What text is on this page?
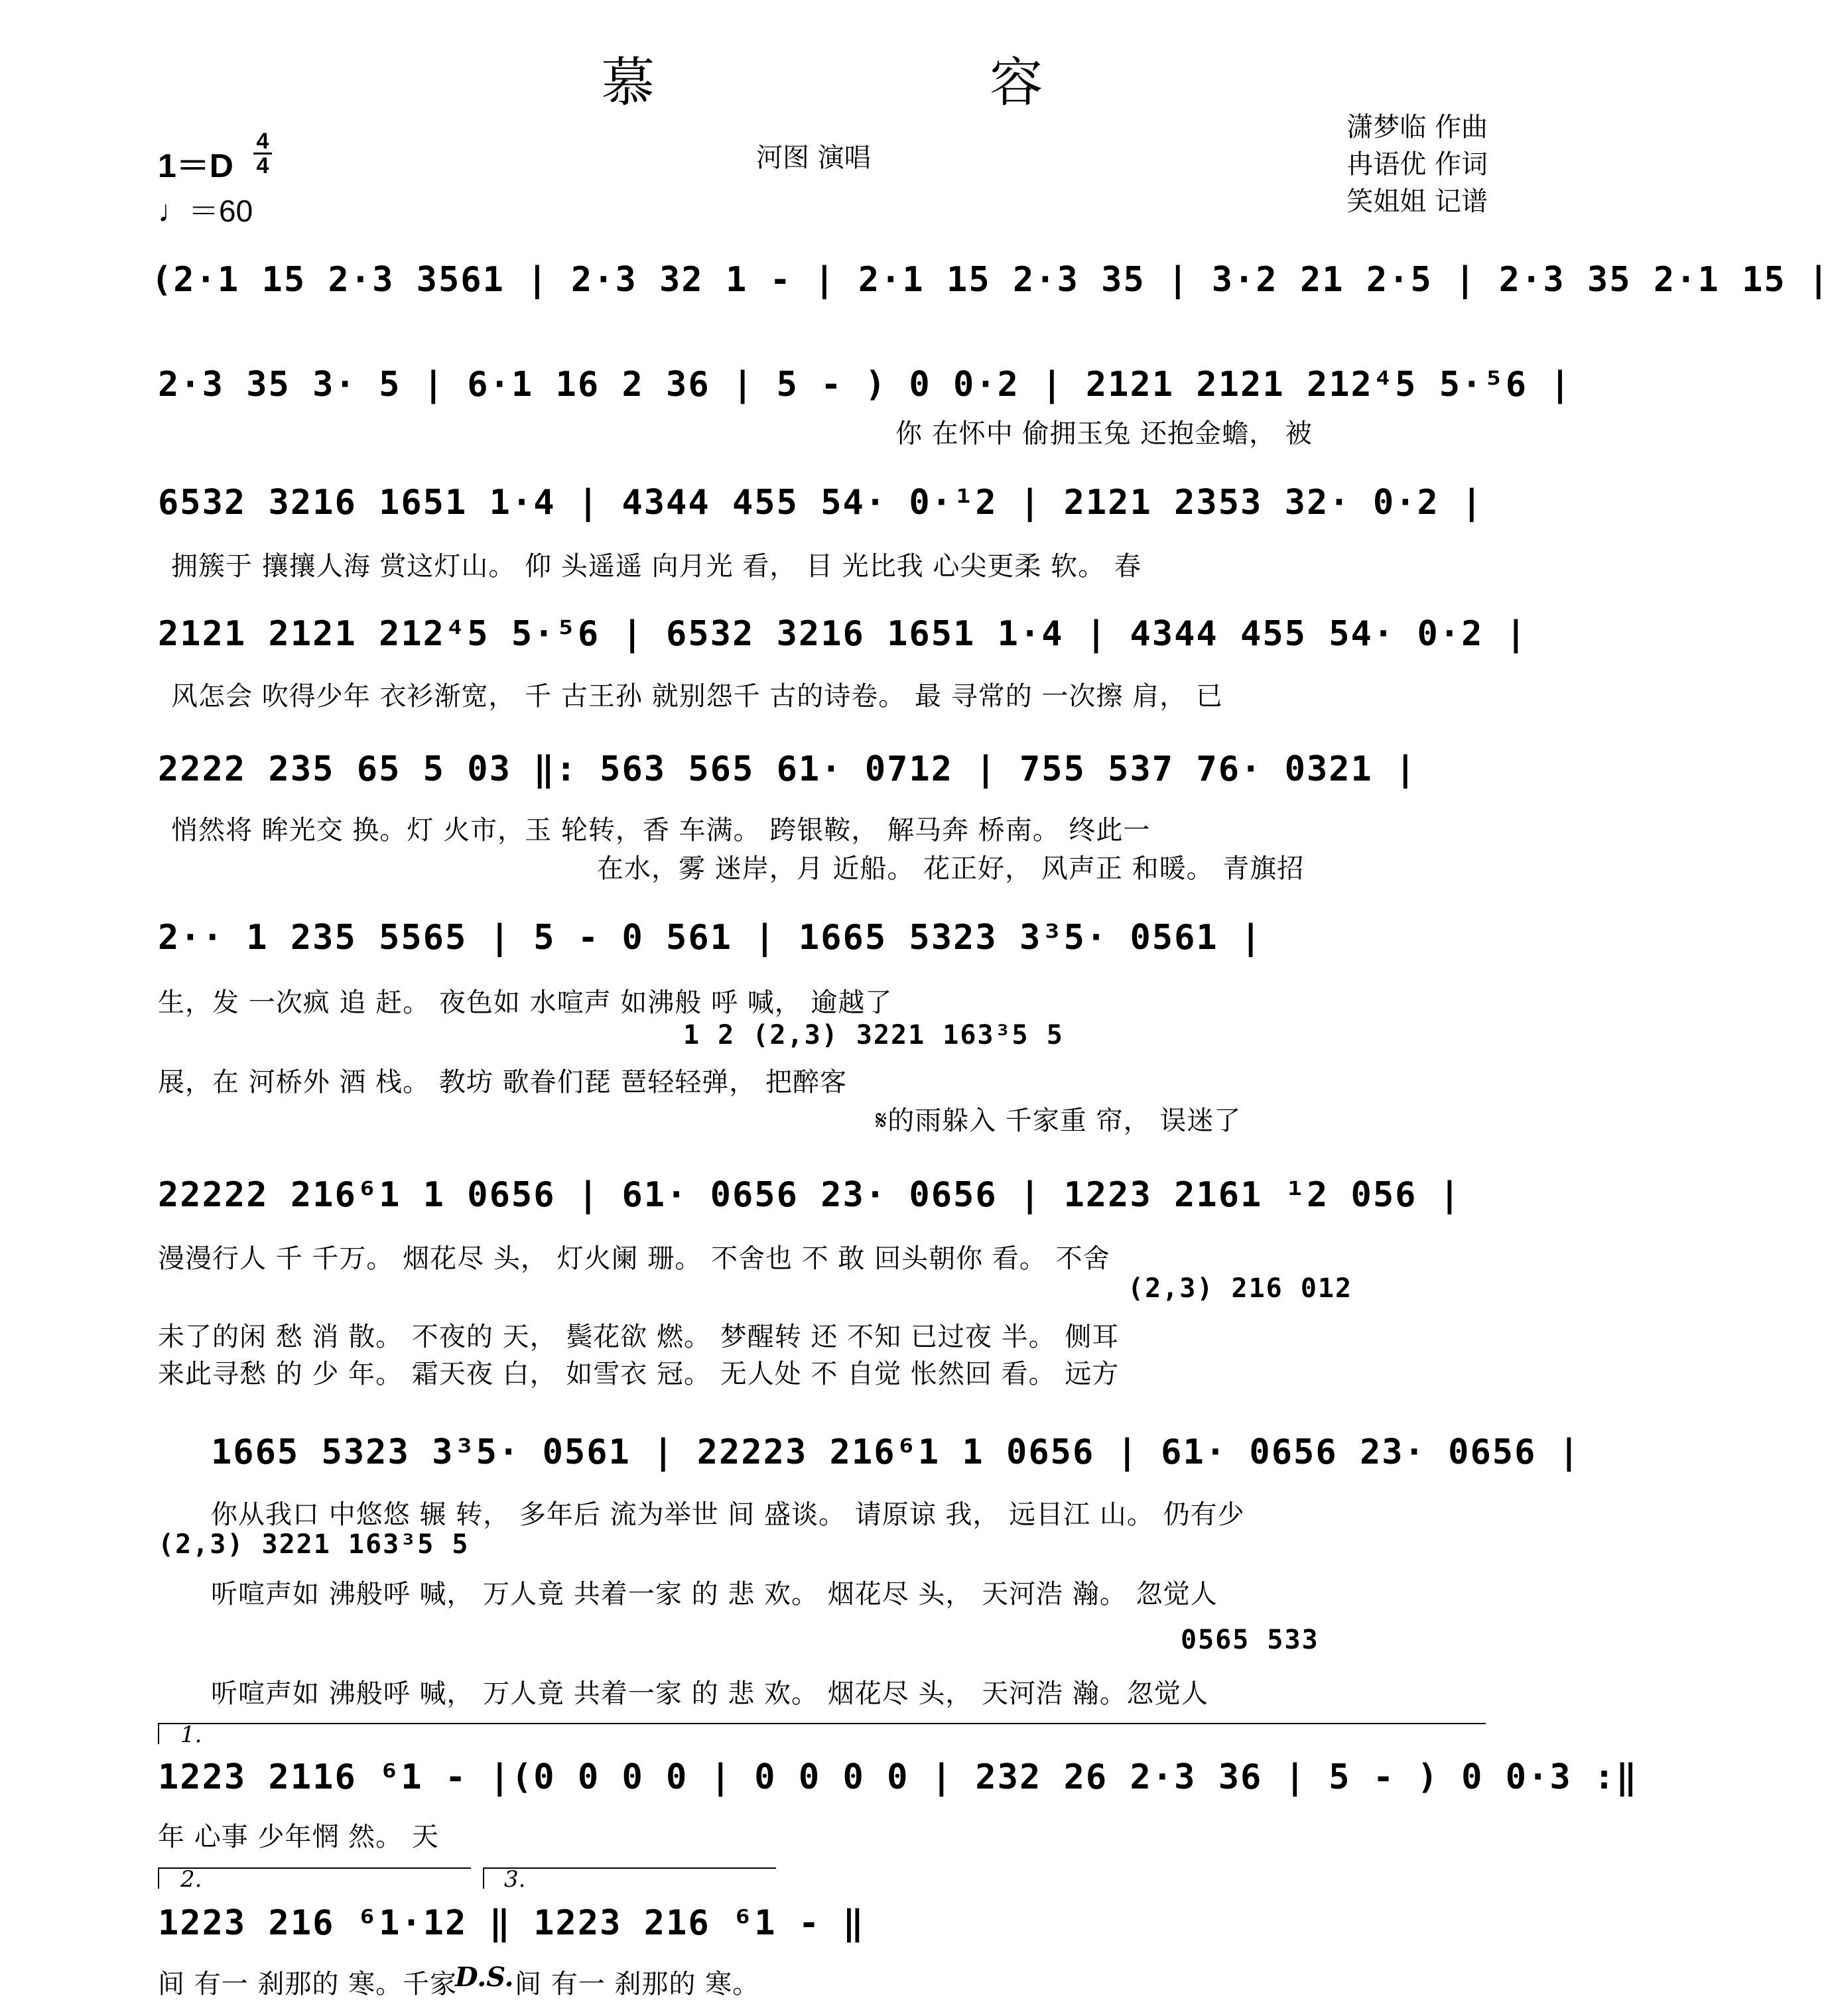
慕 容
1＝D
4
4
♩＝60
河图 演唱
潇梦临 作曲
冉语优 作词
笑姐姐 记谱
(2·1 15 2·3 3561 | 2·3 32 1 - | 2·1 15 2·3 35 | 3·2 21 2·5 | 2·3 35 2·1 15 |
2·3 35 3· 5 | 6·1 16 2 36 | 5 - ) 0 0·2 | 2121 2121 212⁴5 5·⁵6 |
你 在怀中 偷拥玉兔 还抱金蟾， 被
6532 3216 1651 1·4 | 4344 455 54· 0·¹2 | 2121 2353 32· 0·2 |
拥簇于 攘攘人海 赏这灯山。 仰 头遥遥 向月光 看， 目 光比我 心尖更柔 软。 春
2121 2121 212⁴5 5·⁵6 | 6532 3216 1651 1·4 | 4344 455 54· 0·2 |
风怎会 吹得少年 衣衫渐宽， 千 古王孙 就别怨千 古的诗卷。 最 寻常的 一次擦 肩， 已
2222 235 65 5 03 ‖: 563 565 61· 0712 | 755 537 76· 0321 |
悄然将 眸光交 换。灯 火市，玉 轮转，香 车满。 跨银鞍， 解马奔 桥南。 终此一
在水，雾 迷岸，月 近船。 花正好， 风声正 和暖。 青旗招
2·· 1 235 5565 | 5 - 0 561 | 1665 5323 3³5· 0561 |
生，发 一次疯 追 赶。 夜色如 水喧声 如沸般 呼 喊， 逾越了
1 2 (2,3) 3221 163³5 5
展，在 河桥外 酒 栈。 教坊 歌眷们琵 琶轻轻弹， 把醉客
𝄋的雨躲入 千家重 帘， 误迷了
22222 216⁶1 1 0656 | 61· 0656 23· 0656 | 1223 2161 ¹2 056 |
漫漫行人 千 千万。 烟花尽 头， 灯火阑 珊。 不舍也 不 敢 回头朝你 看。 不舍
(2,3) 216 012
未了的闲 愁 消 散。 不夜的 天， 鬓花欲 燃。 梦醒转 还 不知 已过夜 半。 侧耳
来此寻愁 的 少 年。 霜天夜 白， 如雪衣 冠。 无人处 不 自觉 怅然回 看。 远方
1665 5323 3³5· 0561 | 22223 216⁶1 1 0656 | 61· 0656 23· 0656 |
你从我口 中悠悠 辗 转， 多年后 流为举世 间 盛谈。 请原谅 我， 远目江 山。 仍有少
(2,3) 3221 163³5 5
听喧声如 沸般呼 喊， 万人竟 共着一家 的 悲 欢。 烟花尽 头， 天河浩 瀚。 忽觉人
0565 533
听喧声如 沸般呼 喊， 万人竟 共着一家 的 悲 欢。 烟花尽 头， 天河浩 瀚。忽觉人
1.
1223 2116 ⁶1 - |(0 0 0 0 | 0 0 0 0 | 232 26 2·3 36 | 5 - ) 0 0·3 :‖
年 心事 少年惘 然。 天
2.	3.
1223 216 ⁶1·12 ‖ 1223 216 ⁶1 - ‖
间 有一 刹那的 寒。千家
D.S. 间 有一 刹那的 寒。
